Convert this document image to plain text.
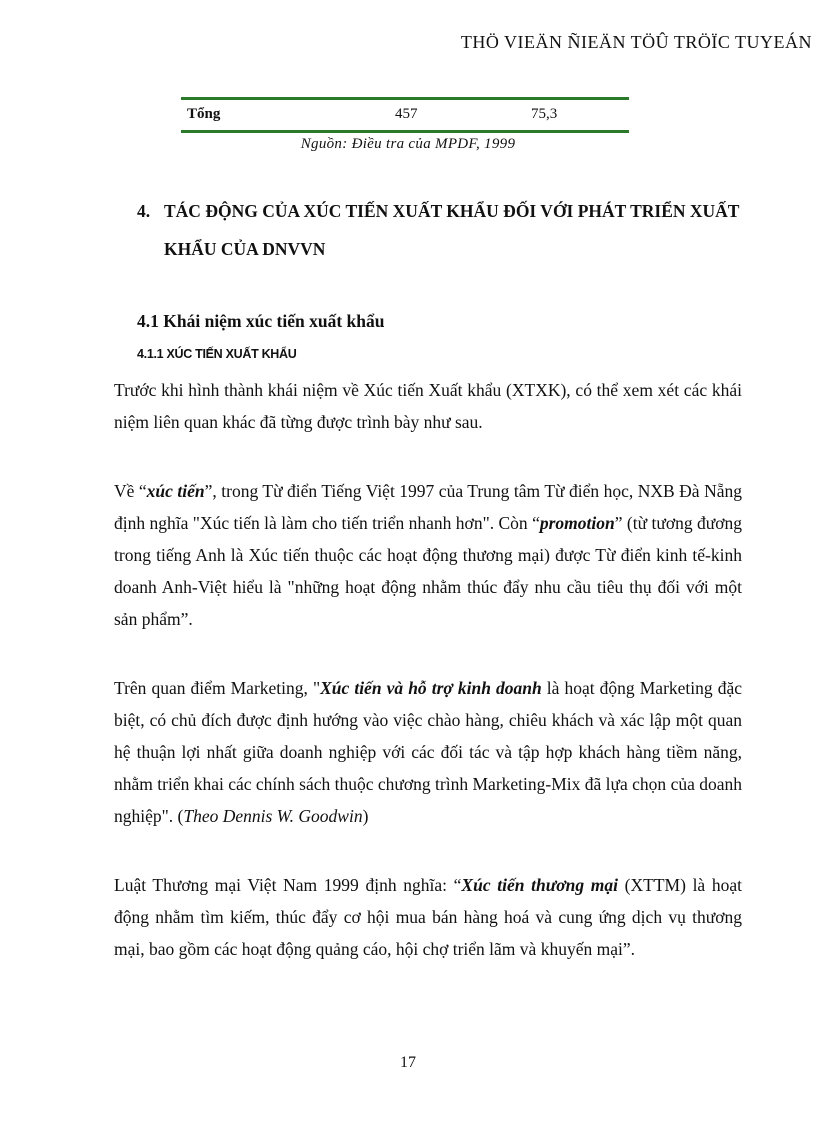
THÖ VIEÄN ÑIEÄN TÖÛ TRÖÏC TUYEÁN
Tổng	457	75,3
Nguồn: Điều tra của MPDF, 1999
4. TÁC ĐỘNG CỦA XÚC TIẾN XUẤT KHẨU ĐỐI VỚI PHÁT TRIỂN XUẤT KHẨU CỦA DNVVN
4.1 Khái niệm xúc tiến xuất khẩu
4.1.1 XÚC TIẾN XUẤT KHẨU
Trước khi hình thành khái niệm về Xúc tiến Xuất khẩu (XTXK), có thể xem xét các khái niệm liên quan khác đã từng được trình bày như sau.
Về “xúc tiến”, trong Từ điển Tiếng Việt 1997 của Trung tâm Từ điển học, NXB Đà Nẵng định nghĩa "Xúc tiến là làm cho tiến triển nhanh hơn". Còn “promotion” (từ tương đương trong tiếng Anh là Xúc tiến thuộc các hoạt động thương mại) được Từ điển kinh tế-kinh doanh Anh-Việt hiểu là "những hoạt động nhằm thúc đẩy nhu cầu tiêu thụ đối với một sản phẩm”.
Trên quan điểm Marketing, "Xúc tiến và hỗ trợ kinh doanh là hoạt động Marketing đặc biệt, có chủ đích được định hướng vào việc chào hàng, chiêu khách và xác lập một quan hệ thuận lợi nhất giữa doanh nghiệp với các đối tác và tập hợp khách hàng tiềm năng, nhằm triển khai các chính sách thuộc chương trình Marketing-Mix đã lựa chọn của doanh nghiệp". (Theo Dennis W. Goodwin)
Luật Thương mại Việt Nam 1999 định nghĩa: “Xúc tiến thương mại (XTTM) là hoạt động nhằm tìm kiếm, thúc đẩy cơ hội mua bán hàng hoá và cung ứng dịch vụ thương mại, bao gồm các hoạt động quảng cáo, hội chợ triển lãm và khuyến mại”.
17
